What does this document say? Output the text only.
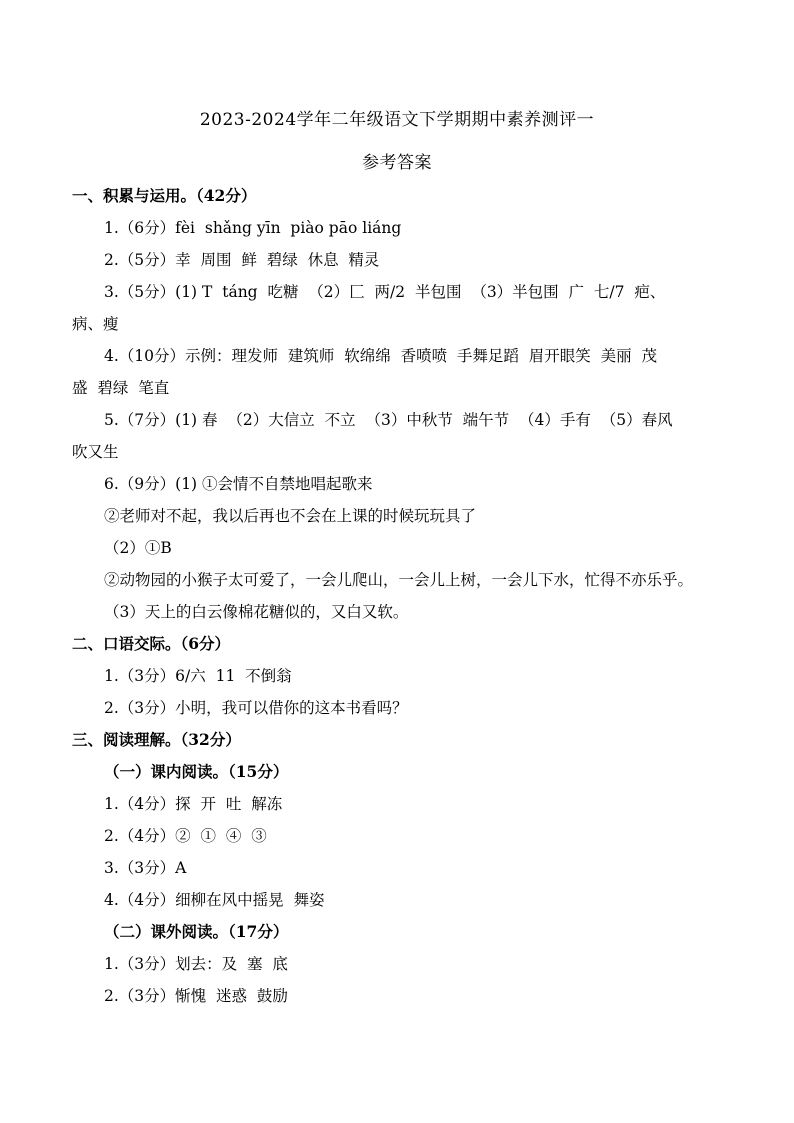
2023-2024学年二年级语文下学期期中素养测评一
参考答案
一、积累与运用。（42分）
1.（6分）fèi  shǎng yīn  piào pāo liáng
2.（5分）幸  周围  鲜  碧绿  休息  精灵
3.（5分）(1) T  táng  吃糖  （2）匚  两/2  半包围  （3）半包围  广  七/7  疤、
病、瘦
4.（10分）示例：理发师  建筑师  软绵绵  香喷喷  手舞足蹈  眉开眼笑  美丽  茂
盛  碧绿  笔直
5.（7分）(1) 春  （2）大信立  不立  （3）中秋节  端午节  （4）手有  （5）春风
吹又生
6.（9分）(1) ①会情不自禁地唱起歌来
②老师对不起，我以后再也不会在上课的时候玩玩具了
（2）①B
②动物园的小猴子太可爱了，一会儿爬山，一会儿上树，一会儿下水，忙得不亦乐乎。
（3）天上的白云像棉花糖似的，又白又软。
二、口语交际。（6分）
1.（3分）6/六  11  不倒翁
2.（3分）小明，我可以借你的这本书看吗？
三、阅读理解。（32分）
（一）课内阅读。（15分）
1.（4分）探  开  吐  解冻
2.（4分）②  ①  ④  ③
3.（3分）A
4.（4分）细柳在风中摇晃  舞姿
（二）课外阅读。（17分）
1.（3分）划去：及  塞  底
2.（3分）惭愧  迷惑  鼓励
